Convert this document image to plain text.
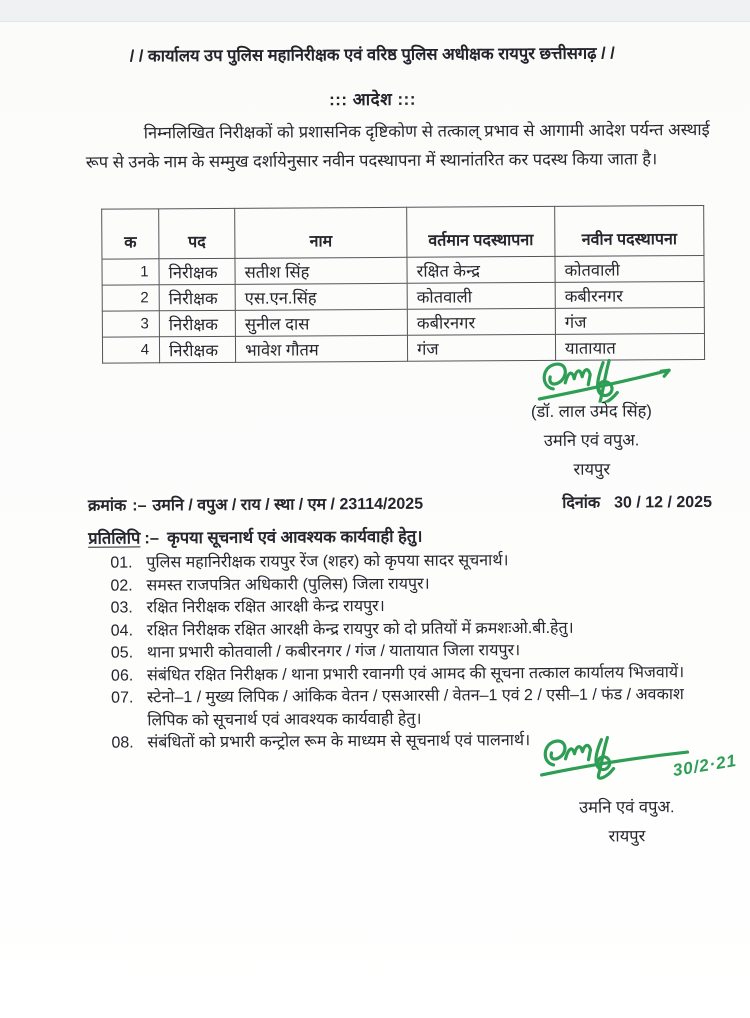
/ / कार्यालय उप पुलिस महानिरीक्षक एवं वरिष्ठ पुलिस अधीक्षक रायपुर छत्तीसगढ़ / /
::: आदेश :::
निम्नलिखित निरीक्षकों को प्रशासनिक दृष्टिकोण से तत्काल् प्रभाव से आगामी आदेश पर्यन्त अस्थाई रूप से उनके नाम के सम्मुख दर्शायेनुसार नवीन पदस्थापना में स्थानांतरित कर पदस्थ किया जाता है।
क	पद	नाम	वर्तमान पदस्थापना	नवीन पदस्थापना
1	निरीक्षक	सतीश सिंह	रक्षित केन्द्र	कोतवाली
2	निरीक्षक	एस.एन.सिंह	कोतवाली	कबीरनगर
3	निरीक्षक	सुनील दास	कबीरनगर	गंज
4	निरीक्षक	भावेश गौतम	गंज	यातायात
(डॉ. लाल उमेद सिंह)
उमनि एवं वपुअ.
रायपुर
क्रमांक :– उमनि / वपुअ / राय / स्था / एम / 23114/2025	दिनांक 30 / 12 / 2025
प्रतिलिपि :– कृपया सूचनार्थ एवं आवश्यक कार्यवाही हेतु।
01. पुलिस महानिरीक्षक रायपुर रेंज (शहर) को कृपया सादर सूचनार्थ।
02. समस्त राजपत्रित अधिकारी (पुलिस) जिला रायपुर।
03. रक्षित निरीक्षक रक्षित आरक्षी केन्द्र रायपुर।
04. रक्षित निरीक्षक रक्षित आरक्षी केन्द्र रायपुर को दो प्रतियों में क्रमशःओ.बी.हेतु।
05. थाना प्रभारी कोतवाली / कबीरनगर / गंज / यातायात जिला रायपुर।
06. संबंधित रक्षित निरीक्षक / थाना प्रभारी रवानगी एवं आमद की सूचना तत्काल कार्यालय भिजवायें।
07. स्टेनो–1 / मुख्य लिपिक / आंकिक वेतन / एसआरसी / वेतन–1 एवं 2 / एसी–1 / फंड / अवकाश लिपिक को सूचनार्थ एवं आवश्यक कार्यवाही हेतु।
08. संबंधितों को प्रभारी कन्ट्रोल रूम के माध्यम से सूचनार्थ एवं पालनार्थ।
30/2·21
उमनि एवं वपुअ.
रायपुर
